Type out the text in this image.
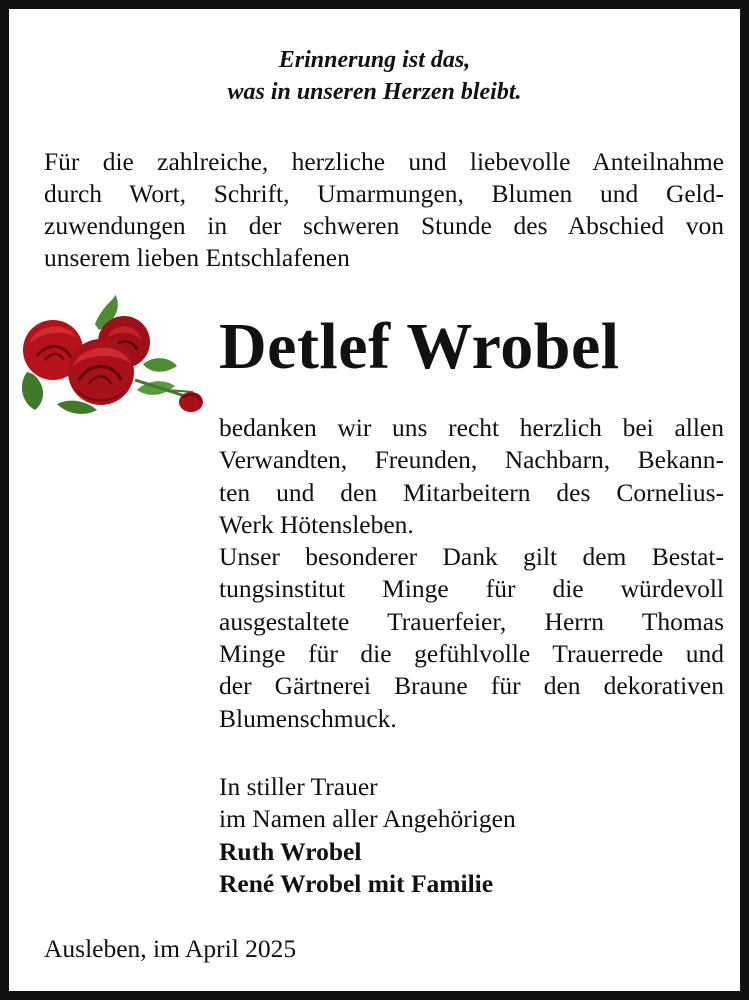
Erinnerung ist das,
was in unseren Herzen bleibt.
Für die zahlreiche, herzliche und liebevolle Anteilnahme
durch Wort, Schrift, Umarmungen, Blumen und Geld-
zuwendungen in der schweren Stunde des Abschied von
unserem lieben Entschlafenen
Detlef Wrobel
bedanken wir uns recht herzlich bei allen
Verwandten, Freunden, Nachbarn, Bekann-
ten und den Mitarbeitern des Cornelius-
Werk Hötensleben.
Unser besonderer Dank gilt dem Bestat-
tungsinstitut Minge für die würdevoll
ausgestaltete Trauerfeier, Herrn Thomas
Minge für die gefühlvolle Trauerrede und
der Gärtnerei Braune für den dekorativen
Blumenschmuck.
In stiller Trauer
im Namen aller Angehörigen
Ruth Wrobel
René Wrobel mit Familie
Ausleben, im April 2025
